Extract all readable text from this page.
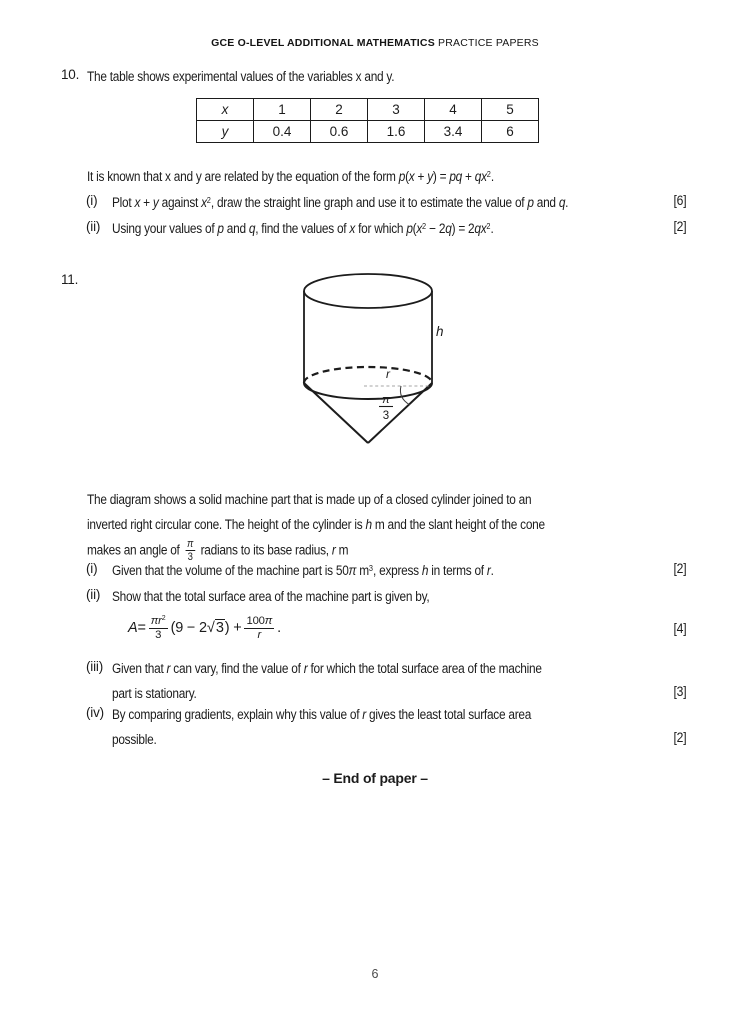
GCE O-LEVEL ADDITIONAL MATHEMATICS PRACTICE PAPERS
10. The table shows experimental values of the variables x and y.
x	1	2	3	4	5
y	0.4	0.6	1.6	3.4	6
It is known that x and y are related by the equation of the form p(x + y) = pq + $qx^2$.
(i) Plot x + y against $x^2$, draw the straight line graph and use it to estimate the value of p and q.	[6]
(ii) Using your values of p and q, find the values of x for which $p(x^2 - 2q) = 2qx^2$.	[2]
11.
h
r
π
3
The diagram shows a solid machine part that is made up of a closed cylinder joined to an
inverted right circular cone. The height of the cylinder is h m and the slant height of the cone
makes an angle of $\frac{\pi}{3}$ radians to its base radius, r m
(i) Given that the volume of the machine part is 50π $m^3$, express h in terms of r.	[2]
(ii) Show that the total surface area of the machine part is given by,
$A = \frac{\pi r^2}{3} (9 - 2$ √3 ) + $\frac{100\pi}{r}$ .	[4]
(iii) Given that r can vary, find the value of r for which the total surface area of the machine
part is stationary.	[3]
(iv) By comparing gradients, explain why this value of r gives the least total surface area
possible.	[2]
– End of paper –
6
